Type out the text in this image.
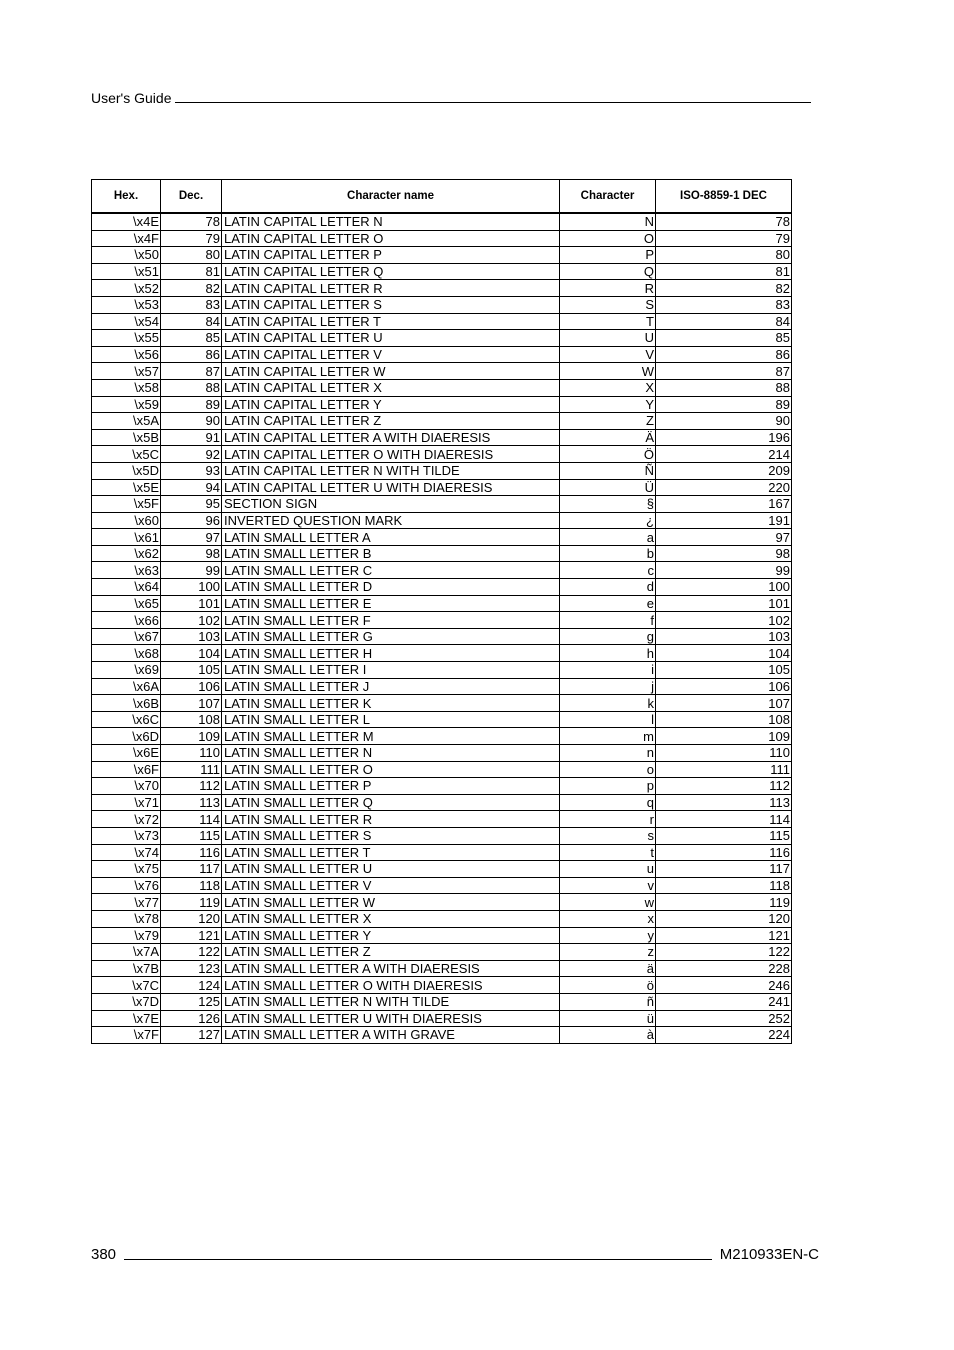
User's Guide
Hex.	Dec.	Character name	Character	ISO-8859-1 DEC
\x4E	78	LATIN CAPITAL LETTER N	N	78
\x4F	79	LATIN CAPITAL LETTER O	O	79
\x50	80	LATIN CAPITAL LETTER P	P	80
\x51	81	LATIN CAPITAL LETTER Q	Q	81
\x52	82	LATIN CAPITAL LETTER R	R	82
\x53	83	LATIN CAPITAL LETTER S	S	83
\x54	84	LATIN CAPITAL LETTER T	T	84
\x55	85	LATIN CAPITAL LETTER U	U	85
\x56	86	LATIN CAPITAL LETTER V	V	86
\x57	87	LATIN CAPITAL LETTER W	W	87
\x58	88	LATIN CAPITAL LETTER X	X	88
\x59	89	LATIN CAPITAL LETTER Y	Y	89
\x5A	90	LATIN CAPITAL LETTER Z	Z	90
\x5B	91	LATIN CAPITAL LETTER A WITH DIAERESIS	Ä	196
\x5C	92	LATIN CAPITAL LETTER O WITH DIAERESIS	Ö	214
\x5D	93	LATIN CAPITAL LETTER N WITH TILDE	Ñ	209
\x5E	94	LATIN CAPITAL LETTER U WITH DIAERESIS	Ü	220
\x5F	95	SECTION SIGN	§	167
\x60	96	INVERTED QUESTION MARK	¿	191
\x61	97	LATIN SMALL LETTER A	a	97
\x62	98	LATIN SMALL LETTER B	b	98
\x63	99	LATIN SMALL LETTER C	c	99
\x64	100	LATIN SMALL LETTER D	d	100
\x65	101	LATIN SMALL LETTER E	e	101
\x66	102	LATIN SMALL LETTER F	f	102
\x67	103	LATIN SMALL LETTER G	g	103
\x68	104	LATIN SMALL LETTER H	h	104
\x69	105	LATIN SMALL LETTER I	i	105
\x6A	106	LATIN SMALL LETTER J	j	106
\x6B	107	LATIN SMALL LETTER K	k	107
\x6C	108	LATIN SMALL LETTER L	l	108
\x6D	109	LATIN SMALL LETTER M	m	109
\x6E	110	LATIN SMALL LETTER N	n	110
\x6F	111	LATIN SMALL LETTER O	o	111
\x70	112	LATIN SMALL LETTER P	p	112
\x71	113	LATIN SMALL LETTER Q	q	113
\x72	114	LATIN SMALL LETTER R	r	114
\x73	115	LATIN SMALL LETTER S	s	115
\x74	116	LATIN SMALL LETTER T	t	116
\x75	117	LATIN SMALL LETTER U	u	117
\x76	118	LATIN SMALL LETTER V	v	118
\x77	119	LATIN SMALL LETTER W	w	119
\x78	120	LATIN SMALL LETTER X	x	120
\x79	121	LATIN SMALL LETTER Y	y	121
\x7A	122	LATIN SMALL LETTER Z	z	122
\x7B	123	LATIN SMALL LETTER A WITH DIAERESIS	ä	228
\x7C	124	LATIN SMALL LETTER O WITH DIAERESIS	ö	246
\x7D	125	LATIN SMALL LETTER N WITH TILDE	ñ	241
\x7E	126	LATIN SMALL LETTER U WITH DIAERESIS	ü	252
\x7F	127	LATIN SMALL LETTER A WITH GRAVE	à	224
380	M210933EN-C
